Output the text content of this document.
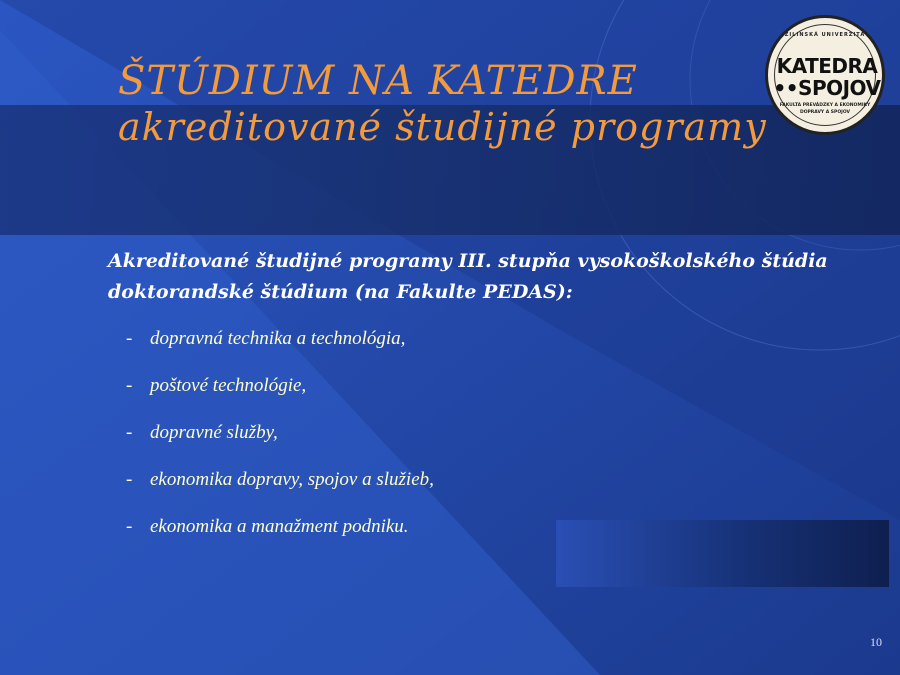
ŠTÚDIUM NA KATEDRE
akreditované študijné programy
ŽILINSKÁ UNIVERZITA
KATEDRA
••SPOJOV
FAKULTA PREVÁDZKY A EKONOMIKY
DOPRAVY A SPOJOV
Akreditované študijné programy III. stupňa vysokoškolského štúdia
doktorandské štúdium (na Fakulte PEDAS):
- dopravná technika a technológia,
- poštové technológie,
- dopravné služby,
- ekonomika dopravy, spojov a služieb,
- ekonomika a manažment podniku.
10
